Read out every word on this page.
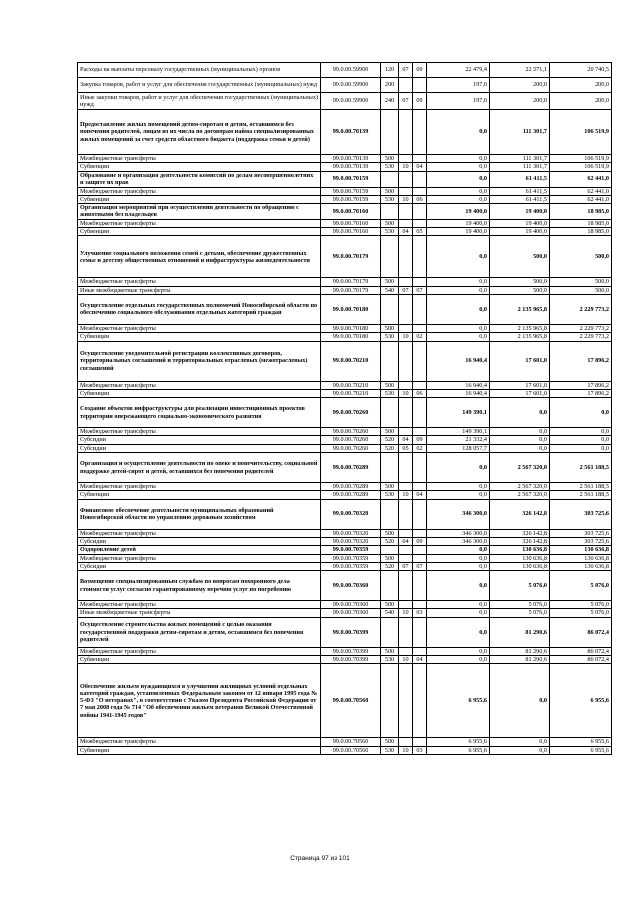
Расходы на выплаты персоналу государственных (муниципальных) органов	99.0.00.59900	120	07	09	22 479,4	22 571,1	20 740,5
Закупка товаров, работ и услуг для обеспечения государственных (муниципальных) нужд	99.0.00.59900	200			197,0	200,0	200,0
Иные закупки товаров, работ и услуг для обеспечения государственных (муниципальных) нужд	99.0.00.59900	240	07	09	197,0	200,0	200,0
Предоставление жилых помещений детям-сиротам и детям, оставшимся без попечения родителей, лицам из их числа по договорам найма специализированных жилых помещений за счет средств областного бюджета (поддержка семьи и детей)	99.0.00.70139				0,0	111 301,7	106 519,9
Межбюджетные трансферты	99.0.00.70139	500			0,0	111 301,7	106 519,9
Субвенции	99.0.00.70139	530	10	04	0,0	111 301,7	106 519,9
Образование и организация деятельности комиссий по делам несовершеннолетних и защите их прав	99.0.00.70159				0,0	61 411,5	62 441,0
Межбюджетные трансферты	99.0.00.70159	500			0,0	61 411,5	62 441,0
Субвенции	99.0.00.70159	530	10	06	0,0	61 411,5	62 441,0
Организация мероприятий при осуществлении деятельности по обращению с животными без владельцев	99.0.00.70160				19 400,0	19 400,0	18 985,0
Межбюджетные трансферты	99.0.00.70160	500			19 400,0	19 400,0	18 985,0
Субвенции	99.0.00.70160	530	04	05	19 400,0	19 400,0	18 985,0
Улучшение социального положения семей с детьми, обеспечение дружественных семье и детству общественных отношений и инфраструктуры жизнедеятельности	99.0.00.70179				0,0	500,0	500,0
Межбюджетные трансферты	99.0.00.70179	500			0,0	500,0	500,0
Иные межбюджетные трансферты	99.0.00.70179	540	07	07	0,0	500,0	500,0
Осуществление отдельных государственных полномочий Новосибирской области по обеспечению социального обслуживания отдельных категорий граждан	99.0.00.70180				0,0	2 135 965,8	2 229 773,2
Межбюджетные трансферты	99.0.00.70180	500			0,0	2 135 965,8	2 229 773,2
Субвенции	99.0.00.70180	530	10	02	0,0	2 135 965,8	2 229 773,2
Осуществление уведомительной регистрации коллективных договоров, территориальных соглашений и территориальных отраслевых (межотраслевых) соглашений	99.0.00.70210				16 940,4	17 601,0	17 896,2
Межбюджетные трансферты	99.0.00.70210	500			16 940,4	17 601,0	17 896,2
Субвенции	99.0.00.70210	530	10	06	16 940,4	17 601,0	17 896,2
Создание объектов инфраструктуры для реализации инвестиционных проектов территории опережающего социально-экономического развития	99.0.00.70260				149 390,1	0,0	0,0
Межбюджетные трансферты	99.0.00.70260	500			149 390,1	0,0	0,0
Субсидии	99.0.00.70260	520	04	09	21 332,4	0,0	0,0
Субсидии	99.0.00.70260	520	05	02	128 057,7	0,0	0,0
Организация и осуществление деятельности по опеке и попечительству, социальной поддержке детей-сирот и детей, оставшихся без попечения родителей	99.0.00.70289				0,0	2 567 320,0	2 561 188,5
Межбюджетные трансферты	99.0.00.70289	500			0,0	2 567 320,0	2 561 188,5
Субвенции	99.0.00.70289	530	10	04	0,0	2 567 320,0	2 561 188,5
Финансовое обеспечение деятельности муниципальных образований Новосибирской области по управлению дорожным хозяйством	99.0.00.70320				346 300,0	326 142,8	303 725,6
Межбюджетные трансферты	99.0.00.70320	500			346 300,0	326 142,8	303 725,6
Субсидии	99.0.00.70320	520	04	09	346 300,0	326 142,8	303 725,6
Оздоровление детей	99.0.00.70359				0,0	130 636,8	130 636,8
Межбюджетные трансферты	99.0.00.70359	500			0,0	130 636,8	130 636,8
Субсидии	99.0.00.70359	520	07	07	0,0	130 636,8	130 636,8
Возмещение специализированным службам по вопросам похоронного дела стоимости услуг согласно гарантированному перечню услуг по погребению	99.0.00.70360				0,0	5 076,0	5 076,0
Межбюджетные трансферты	99.0.00.70360	500			0,0	5 076,0	5 076,0
Иные межбюджетные трансферты	99.0.00.70360	540	10	03	0,0	5 076,0	5 076,0
Осуществление строительства жилых помещений с целью оказания государственной поддержки детям-сиротам и детям, оставшимся без попечения родителей	99.0.00.70399				0,0	81 290,6	86 072,4
Межбюджетные трансферты	99.0.00.70399	500			0,0	81 290,6	86 072,4
Субвенции	99.0.00.70399	530	10	04	0,0	81 290,6	86 072,4
Обеспечение жильем нуждающихся в улучшении жилищных условий отдельных категорий граждан, установленных Федеральным законом от 12 января 1995 года № 5-ФЗ "О ветеранах", в соответствии с Указом Президента Российской Федерации от 7 мая 2008 года № 714 "Об обеспечении жильем ветеранов Великой Отечественной войны 1941-1945 годов"	99.0.00.70560				6 955,6	0,0	6 955,6
Межбюджетные трансферты	99.0.00.70560	500			6 955,6	0,0	6 955,6
Субвенции	99.0.00.70560	530	10	03	6 955,6	0,0	6 955,6
Страница 97 из 101
